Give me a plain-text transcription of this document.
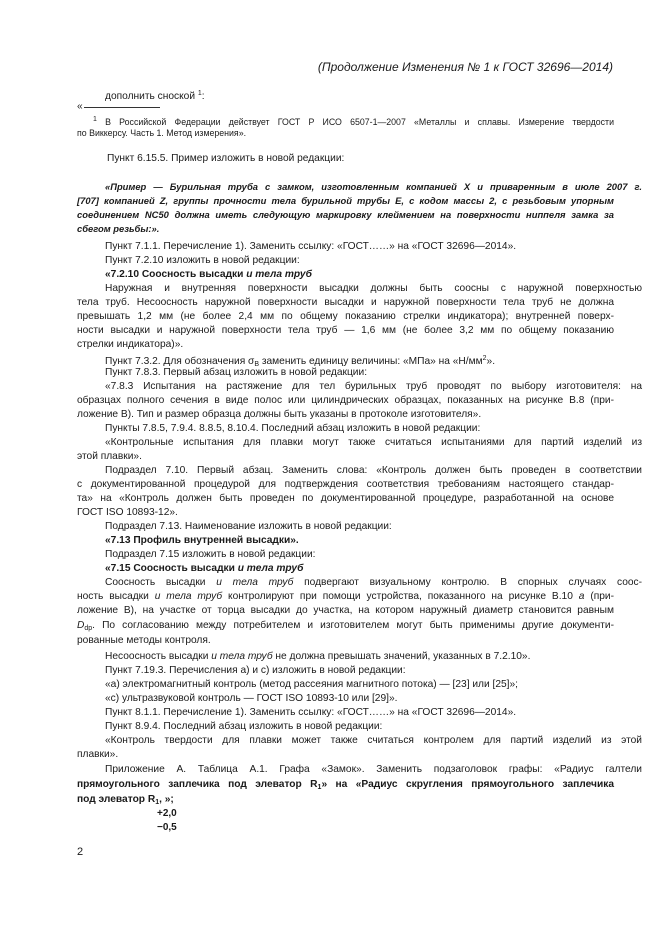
(Продолжение Изменения № 1 к ГОСТ 32696—2014)
дополнить сноской $^1$:
«
$^1$ В Российской Федерации действует ГОСТ Р ИСО 6507-1—2007 «Металлы и сплавы. Измерение твердости
по Виккерсу. Часть 1. Метод измерения».
Пункт 6.15.5. Пример изложить в новой редакции:
«Пример — Бурильная труба с замком, изготовленным компанией X и приваренным в июле 2007 г.
[707] компанией Z, группы прочности тела бурильной трубы Е, с кодом массы 2, с резьбовым упорным
соединением NC50 должна иметь следующую маркировку клеймением на поверхности ниппеля замка за
сбегом резьбы:».
Пункт 7.1.1. Перечисление 1). Заменить ссылку: «ГОСТ……» на «ГОСТ 32696—2014».
Пункт 7.2.10 изложить в новой редакции:
«7.2.10 Соосность высадки и тела труб
Наружная и внутренняя поверхности высадки должны быть соосны с наружной поверхностью
тела труб. Несоосность наружной поверхности высадки и наружной поверхности тела труб не должна
превышать 1,2 мм (не более 2,4 мм по общему показанию стрелки индикатора); внутренней поверх-
ности высадки и наружной поверхности тела труб — 1,6 мм (не более 3,2 мм по общему показанию
стрелки индикатора)».
Пункт 7.3.2. Для обозначения $\sigma_В$ заменить единицу величины: «МПа» на «$Н/мм^2$».
Пункт 7.8.3. Первый абзац изложить в новой редакции:
«7.8.3 Испытания на растяжение для тел бурильных труб проводят по выбору изготовителя: на
образцах полного сечения в виде полос или цилиндрических образцах, показанных на рисунке В.8 (при-
ложение В). Тип и размер образца должны быть указаны в протоколе изготовителя».
Пункты 7.8.5, 7.9.4. 8.8.5, 8.10.4. Последний абзац изложить в новой редакции:
«Контрольные испытания для плавки могут также считаться испытаниями для партий изделий из
этой плавки».
Подраздел 7.10. Первый абзац. Заменить слова: «Контроль должен быть проведен в соответствии
с документированной процедурой для подтверждения соответствия требованиям настоящего стандар-
та» на «Контроль должен быть проведен по документированной процедуре, разработанной на основе
ГОСТ ISO 10893-12».
Подраздел 7.13. Наименование изложить в новой редакции:
«7.13 Профиль внутренней высадки».
Подраздел 7.15 изложить в новой редакции:
«7.15 Соосность высадки и тела труб
Соосность высадки и тела труб подвергают визуальному контролю. В спорных случаях соос-
ность высадки и тела труб контролируют при помощи устройства, показанного на рисунке В.10 а (при-
ложение В), на участке от торца высадки до участка, на котором наружный диаметр становится равным
$D_{dp}$. По согласованию между потребителем и изготовителем могут быть применимы другие документи-
рованные методы контроля.
Несоосность высадки и тела труб не должна превышать значений, указанных в 7.2.10».
Пункт 7.19.3. Перечисления а) и с) изложить в новой редакции:
«а) электромагнитный контроль (метод рассеяния магнитного потока) — [23] или [25]»;
«с) ультразвуковой контроль — ГОСТ ISO 10893-10 или [29]».
Пункт 8.1.1. Перечисление 1). Заменить ссылку: «ГОСТ……» на «ГОСТ 32696—2014».
Пункт 8.9.4. Последний абзац изложить в новой редакции:
«Контроль твердости для плавки может также считаться контролем для партий изделий из этой
плавки».
Приложение А. Таблица А.1. Графа «Замок». Заменить подзаголовок графы: «Радиус галтели
прямоугольного заплечика под элеватор $R_1$» на «Радиус скругления прямоугольного заплечика
под элеватор $R_1$, »;
+2,0
−0,5
2
